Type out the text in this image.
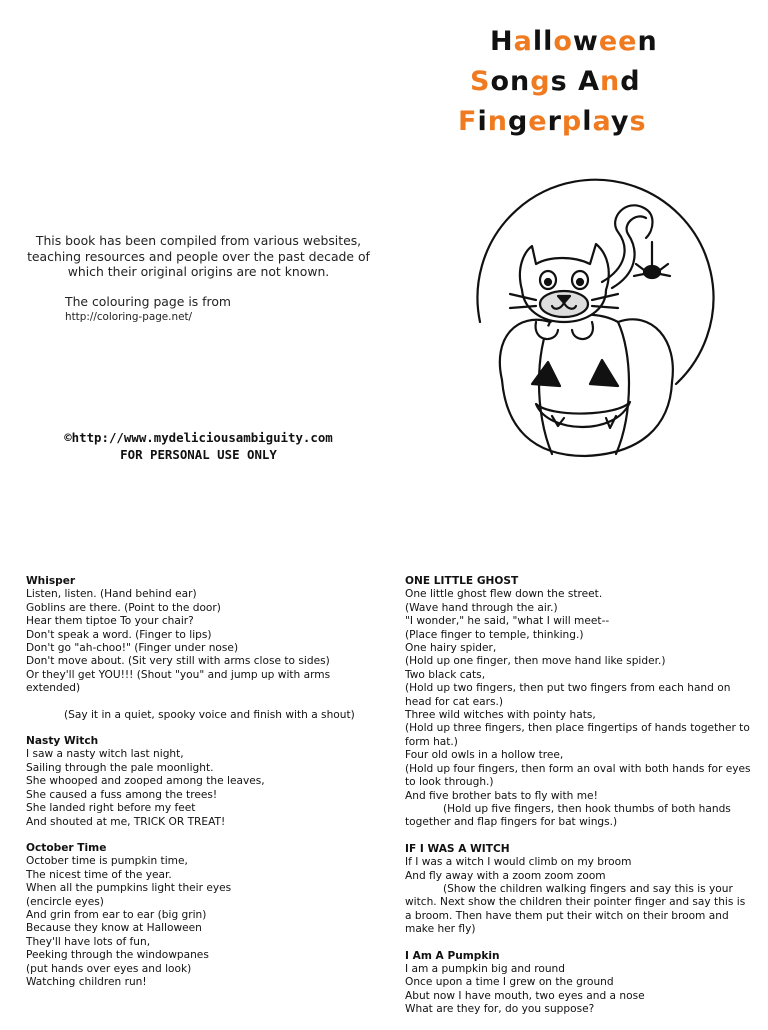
Halloween
Songs And
Fingerplays
This book has been compiled from various websites, teaching resources and people over the past decade of which their original origins are not known.
The colouring page is from
http://coloring-page.net/
©http://www.mydeliciousambiguity.com
FOR PERSONAL USE ONLY

Whisper

Listen, listen. (Hand behind ear)

Goblins are there. (Point to the door)

Hear them tiptoe To your chair?

Don't speak a word. (Finger to lips)

Don't go "ah-choo!" (Finger under nose)

Don't move about. (Sit very still with arms close to sides)

Or they'll get YOU!!! (Shout "you" and jump up with arms extended)

(Say it in a quiet, spooky voice and finish with a shout)

Nasty Witch

I saw a nasty witch last night,

Sailing through the pale moonlight.

She whooped and zooped among the leaves,

She caused a fuss among the trees!

She landed right before my feet

And shouted at me, TRICK OR TREAT!

October Time

October time is pumpkin time,

The nicest time of the year.

When all the pumpkins light their eyes

(encircle eyes)

And grin from ear to ear (big grin)

Because they know at Halloween

They'll have lots of fun,

Peeking through the windowpanes

(put hands over eyes and look)

Watching children run!

ONE LITTLE GHOST

One little ghost flew down the street.

(Wave hand through the air.)

"I wonder," he said, "what I will meet--

(Place finger to temple, thinking.)

One hairy spider,

(Hold up one finger, then move hand like spider.)

Two black cats,

(Hold up two fingers, then put two fingers from each hand on head for cat ears.)

Three wild witches with pointy hats,

(Hold up three fingers, then place fingertips of hands together to form hat.)

Four old owls in a hollow tree,

(Hold up four fingers, then form an oval with both hands for eyes to look through.)

And five brother bats to fly with me!

(Hold up five fingers, then hook thumbs of both hands together and flap fingers for bat wings.)

IF I WAS A WITCH

If I was a witch I would climb on my broom

And fly away with a zoom zoom zoom

(Show the children walking fingers and say this is your witch. Next show the children their pointer finger and say this is a broom. Then have them put their witch on their broom and make her fly)

I Am A Pumpkin

I am a pumpkin big and round

Once upon a time I grew on the ground

Abut now I have mouth, two eyes and a nose

What are they for, do you suppose?
